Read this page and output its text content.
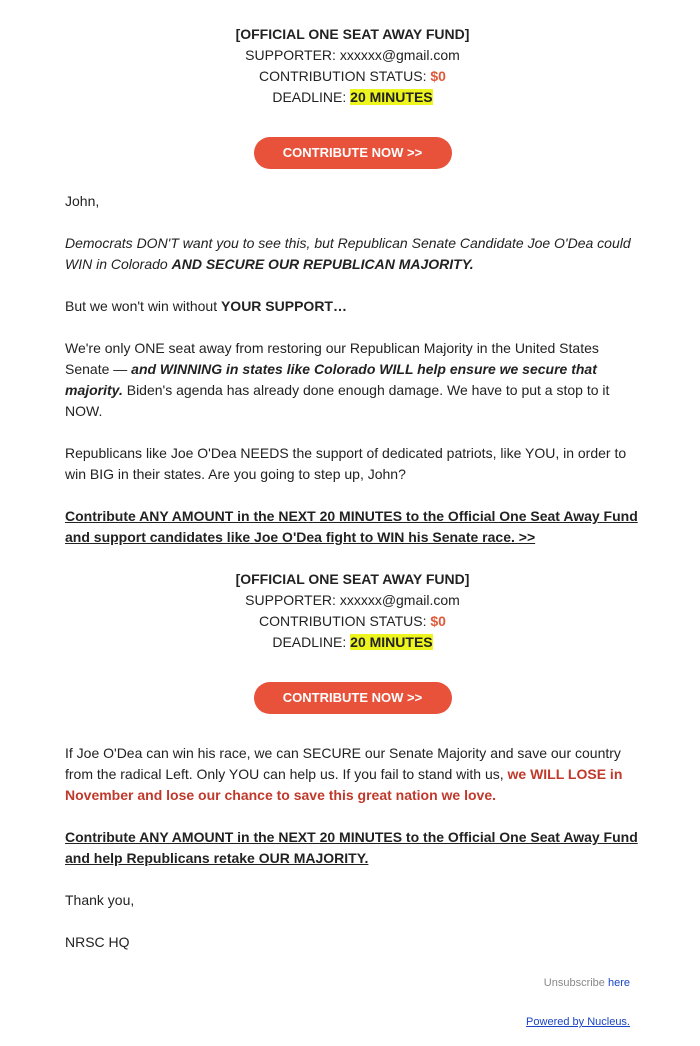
[OFFICIAL ONE SEAT AWAY FUND]
SUPPORTER: xxxxxx@gmail.com
CONTRIBUTION STATUS: $0
DEADLINE: 20 MINUTES
CONTRIBUTE NOW >>

John,

Democrats DON'T want you to see this, but Republican Senate Candidate Joe O'Dea could WIN in Colorado AND SECURE OUR REPUBLICAN MAJORITY.

But we won't win without YOUR SUPPORT…

We're only ONE seat away from restoring our Republican Majority in the United States Senate — and WINNING in states like Colorado WILL help ensure we secure that majority. Biden's agenda has already done enough damage. We have to put a stop to it NOW.

Republicans like Joe O'Dea NEEDS the support of dedicated patriots, like YOU, in order to win BIG in their states. Are you going to step up, John?

Contribute ANY AMOUNT in the NEXT 20 MINUTES to the Official One Seat Away Fund and support candidates like Joe O'Dea fight to WIN his Senate race. >>

[OFFICIAL ONE SEAT AWAY FUND]
SUPPORTER: xxxxxx@gmail.com
CONTRIBUTION STATUS: $0
DEADLINE: 20 MINUTES
CONTRIBUTE NOW >>

If Joe O'Dea can win his race, we can SECURE our Senate Majority and save our country from the radical Left. Only YOU can help us. If you fail to stand with us, we WILL LOSE in November and lose our chance to save this great nation we love.

Contribute ANY AMOUNT in the NEXT 20 MINUTES to the Official One Seat Away Fund and help Republicans retake OUR MAJORITY.

Thank you,

NRSC HQ

Unsubscribe here
Powered by Nucleus.
